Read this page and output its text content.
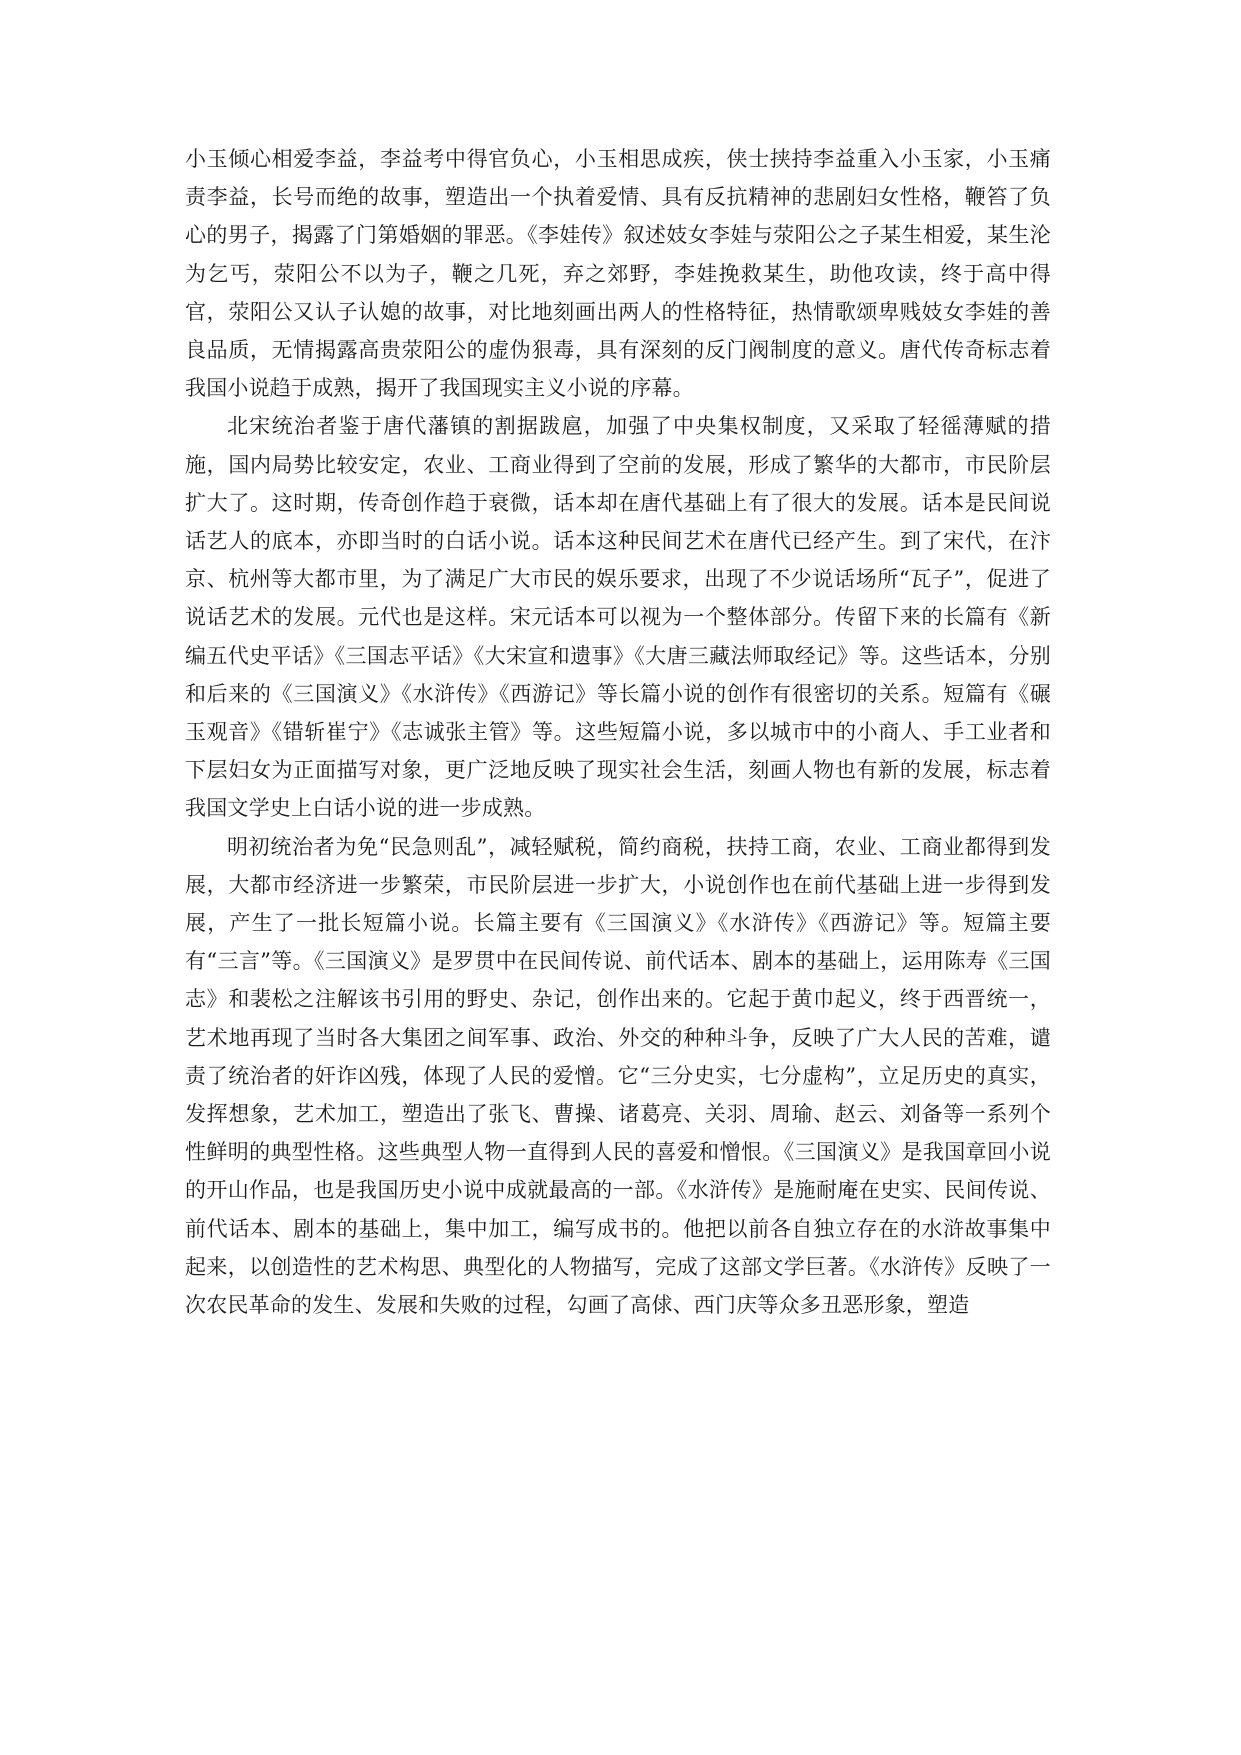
小玉倾心相爱李益，李益考中得官负心，小玉相思成疾，侠士挟持李益重入小玉家，小玉痛责李益，长号而绝的故事，塑造出一个执着爱情、具有反抗精神的悲剧妇女性格，鞭笞了负心的男子，揭露了门第婚姻的罪恶。《李娃传》叙述妓女李娃与荥阳公之子某生相爱，某生沦为乞丐，荥阳公不以为子，鞭之几死，弃之郊野，李娃挽救某生，助他攻读，终于高中得官，荥阳公又认子认媳的故事，对比地刻画出两人的性格特征，热情歌颂卑贱妓女李娃的善良品质，无情揭露高贵荥阳公的虚伪狠毒，具有深刻的反门阀制度的意义。唐代传奇标志着我国小说趋于成熟，揭开了我国现实主义小说的序幕。

北宋统治者鉴于唐代藩镇的割据跋扈，加强了中央集权制度，又采取了轻徭薄赋的措施，国内局势比较安定，农业、工商业得到了空前的发展，形成了繁华的大都市，市民阶层扩大了。这时期，传奇创作趋于衰微，话本却在唐代基础上有了很大的发展。话本是民间说话艺人的底本，亦即当时的白话小说。话本这种民间艺术在唐代已经产生。到了宋代，在汴京、杭州等大都市里，为了满足广大市民的娱乐要求，出现了不少说话场所“瓦子”，促进了说话艺术的发展。元代也是这样。宋元话本可以视为一个整体部分。传留下来的长篇有《新编五代史平话》《三国志平话》《大宋宣和遗事》《大唐三藏法师取经记》等。这些话本，分别和后来的《三国演义》《水浒传》《西游记》等长篇小说的创作有很密切的关系。短篇有《碾玉观音》《错斩崔宁》《志诚张主管》等。这些短篇小说，多以城市中的小商人、手工业者和下层妇女为正面描写对象，更广泛地反映了现实社会生活，刻画人物也有新的发展，标志着我国文学史上白话小说的进一步成熟。

明初统治者为免“民急则乱”，减轻赋税，简约商税，扶持工商，农业、工商业都得到发展，大都市经济进一步繁荣，市民阶层进一步扩大，小说创作也在前代基础上进一步得到发展，产生了一批长短篇小说。长篇主要有《三国演义》《水浒传》《西游记》等。短篇主要有“三言”等。《三国演义》是罗贯中在民间传说、前代话本、剧本的基础上，运用陈寿《三国志》和裴松之注解该书引用的野史、杂记，创作出来的。它起于黄巾起义，终于西晋统一，艺术地再现了当时各大集团之间军事、政治、外交的种种斗争，反映了广大人民的苦难，谴责了统治者的奸诈凶残，体现了人民的爱憎。它“三分史实，七分虚构”，立足历史的真实，发挥想象，艺术加工，塑造出了张飞、曹操、诸葛亮、关羽、周瑜、赵云、刘备等一系列个性鲜明的典型性格。这些典型人物一直得到人民的喜爱和憎恨。《三国演义》是我国章回小说的开山作品，也是我国历史小说中成就最高的一部。《水浒传》是施耐庵在史实、民间传说、前代话本、剧本的基础上，集中加工，编写成书的。他把以前各自独立存在的水浒故事集中起来，以创造性的艺术构思、典型化的人物描写，完成了这部文学巨著。《水浒传》反映了一次农民革命的发生、发展和失败的过程，勾画了高俅、西门庆等众多丑恶形象，塑造
